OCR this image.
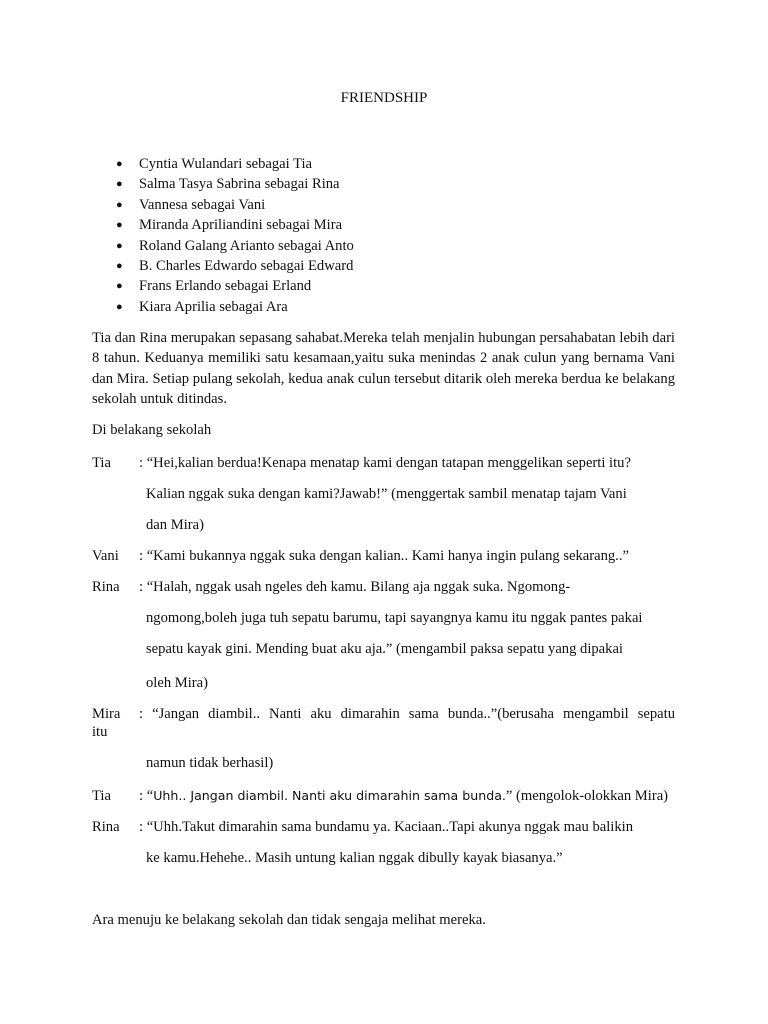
FRIENDSHIP
● Cyntia Wulandari sebagai Tia
● Salma Tasya Sabrina sebagai Rina
● Vannesa sebagai Vani
● Miranda Apriliandini sebagai Mira
● Roland Galang Arianto sebagai Anto
● B. Charles Edwardo sebagai Edward
● Frans Erlando sebagai Erland
● Kiara Aprilia sebagai Ara

Tia dan Rina merupakan sepasang sahabat.Mereka telah menjalin hubungan persahabatan lebih dari 8 tahun. Keduanya memiliki satu kesamaan,yaitu suka menindas 2 anak culun yang bernama Vani dan Mira. Setiap pulang sekolah, kedua anak culun tersebut ditarik oleh mereka berdua ke belakang sekolah untuk ditindas.

Di belakang sekolah
Tia : “Hei,kalian berdua!Kenapa menatap kami dengan tatapan menggelikan seperti itu?
Kalian nggak suka dengan kami?Jawab!” (menggertak sambil menatap tajam Vani
dan Mira)
Vani : “Kami bukannya nggak suka dengan kalian.. Kami hanya ingin pulang sekarang..”
Rina : “Halah, nggak usah ngeles deh kamu. Bilang aja nggak suka. Ngomong-
ngomong,boleh juga tuh sepatu barumu, tapi sayangnya kamu itu nggak pantes pakai
sepatu kayak gini. Mending buat aku aja.” (mengambil paksa sepatu yang dipakai
oleh Mira)
Mira
itu
: “Jangan diambil.. Nanti aku dimarahin sama bunda..”(berusaha mengambil sepatu
namun tidak berhasil)
Tia : “Uhh.. Jangan diambil. Nanti aku dimarahin sama bunda.” (mengolok-olokkan Mira)
Rina : “Uhh.Takut dimarahin sama bundamu ya. Kaciaan..Tapi akunya nggak mau balikin
ke kamu.Hehehe.. Masih untung kalian nggak dibully kayak biasanya.”
Ara menuju ke belakang sekolah dan tidak sengaja melihat mereka.
